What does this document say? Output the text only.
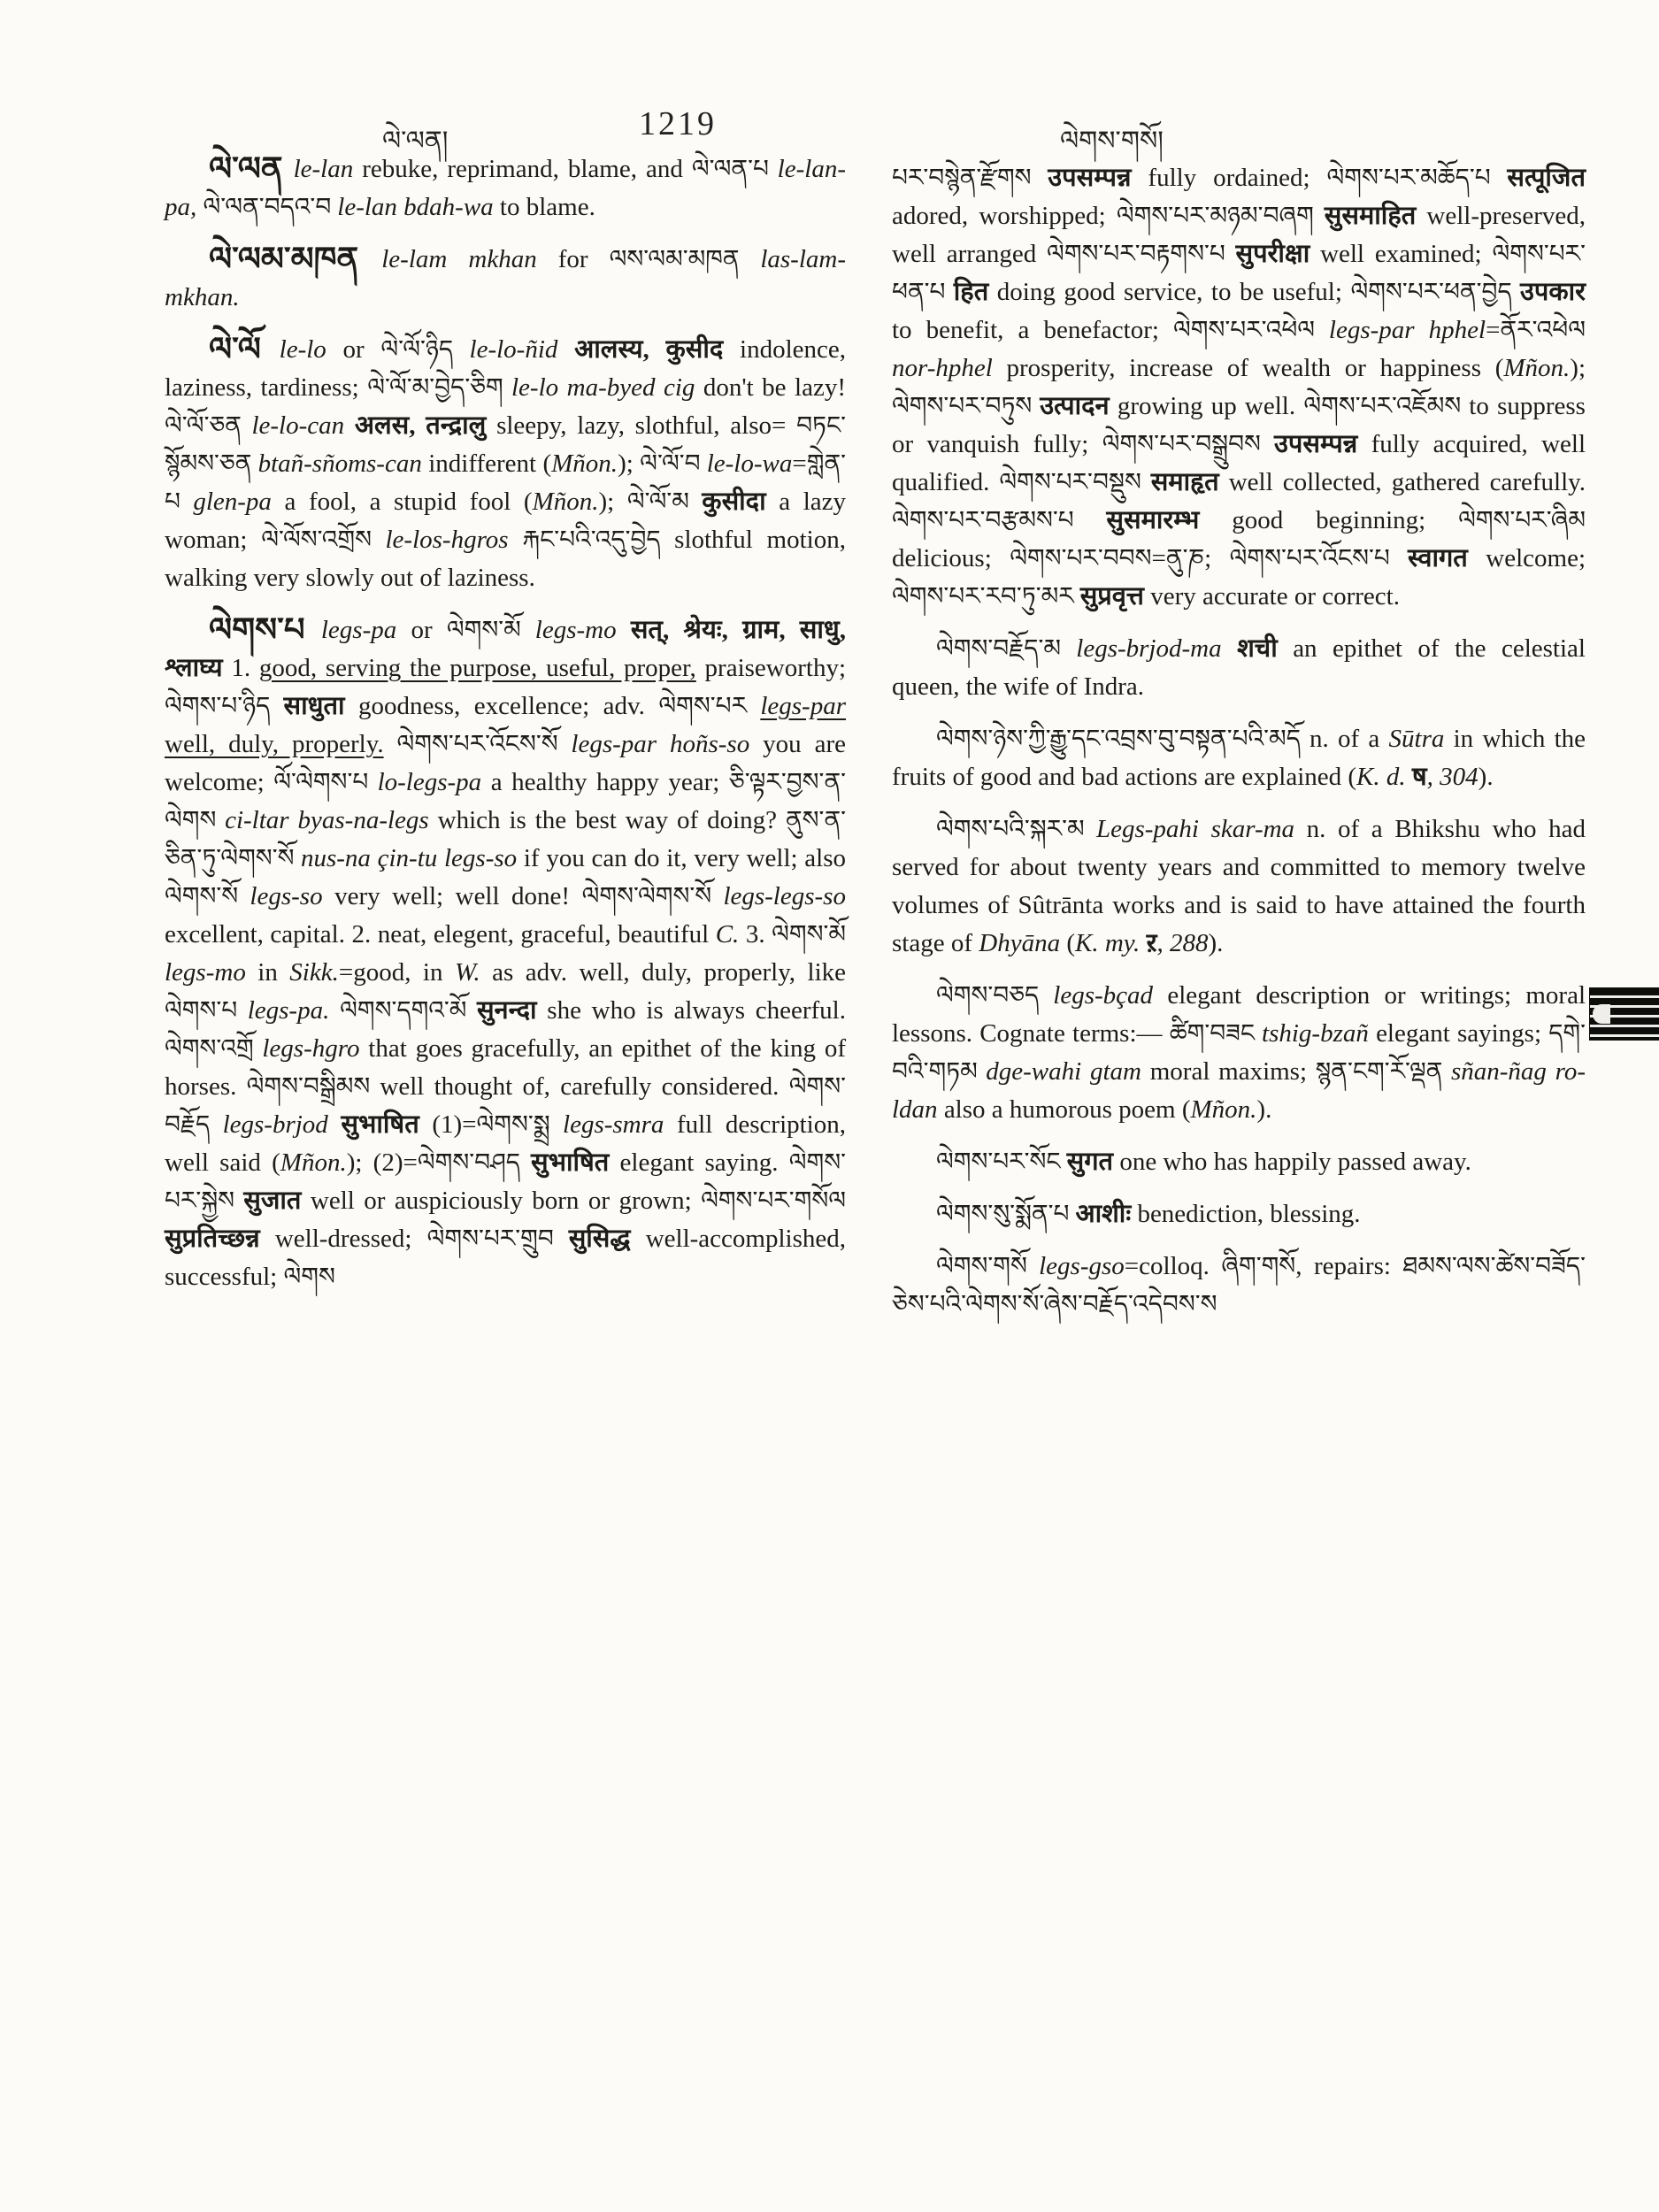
ལེ་ལན།	1219	ལེགས་གསོ།

ལེ་ལན le-lan rebuke, reprimand, blame, and ལེ་ལན་པ le-lan-pa, ལེ་ལན་བདའ་བ le-lan bdah-wa to blame.

ལེ་ལམ་མཁན le-lam mkhan for ལས་ལམ་མཁན las-lam-mkhan.

ལེ་ལོ le-lo or ལེ་ལོ་ཉིད le-lo-ñid आलस्य, कुसीद indolence, laziness, tardiness; ལེ་ལོ་མ་བྱེད་ཅིག le-lo ma-byed cig don't be lazy! ལེ་ལོ་ཅན le-lo-can अलस, तन्द्रालु sleepy, lazy, slothful, also= བཏང་སྙོམས་ཅན btañ-sñoms-can indifferent (Mñon.); ལེ་ལོ་བ le-lo-wa=གླེན་པ glen-pa a fool, a stupid fool (Mñon.); ལེ་ལོ་མ कुसीदा a lazy woman; ལེ་ལོས་འགྲོས le-los-hgros རྐང་པའི་འདུ་བྱེད slothful motion, walking very slowly out of laziness.

ལེགས་པ legs-pa or ལེགས་མོ legs-mo सत्, श्रेयः, ग्राम, साधु, श्लाघ्य 1. good, serving the purpose, useful, proper, praiseworthy; ལེགས་པ་ཉིད साधुता goodness, excellence; adv. ལེགས་པར legs-par well, duly, properly. ལེགས་པར་འོངས་སོ legs-par hoñs-so you are welcome; ལོ་ལེགས་པ lo-legs-pa a healthy happy year; ཅི་ལྟར་བྱས་ན་ལེགས ci-ltar byas-na-legs which is the best way of doing? ནུས་ན་ཅིན་ཏུ་ལེགས་སོ nus-na çin-tu legs-so if you can do it, very well; also ལེགས་སོ legs-so very well; well done! ལེགས་ལེགས་སོ legs-legs-so excellent, capital. 2. neat, elegent, graceful, beautiful C. 3. ལེགས་མོ legs-mo in Sikk.=good, in W. as adv. well, duly, properly, like ལེགས་པ legs-pa. ལེགས་དགའ་མོ सुनन्दा she who is always cheerful. ལེགས་འགྲོ legs-hgro that goes gracefully, an epithet of the king of horses. ལེགས་བསྒྲིམས well thought of, carefully considered. ལེགས་བརྗོད legs-brjod सुभाषित (1)=ལེགས་སྨྲ legs-smra full description, well said (Mñon.); (2)=ལེགས་བཤད सुभाषित elegant saying. ལེགས་པར་སྐྱེས सुजात well or auspiciously born or grown; ལེགས་པར་གསོལ सुप्रतिच्छन्न well-dressed; ལེགས་པར་གྲུབ सुसिद्ध well-accomplished, successful; ལེགས

པར་བསྙེན་རྫོགས उपसम्पन्न fully ordained; ལེགས་པར་མཆོད་པ सत्पूजित adored, worshipped; ལེགས་པར་མཉམ་བཞག सुसमाहित well-preserved, well arranged ལེགས་པར་བརྟགས་པ सुपरीक्षा well examined; ལེགས་པར་ཕན་པ हित doing good service, to be useful; ལེགས་པར་ཕན་བྱེད उपकार to benefit, a benefactor; ལེགས་པར་འཕེལ legs-par hphel=ནོར་འཕེལ nor-hphel prosperity, increase of wealth or happiness (Mñon.); ལེགས་པར་བཏུས उत्पादन growing up well. ལེགས་པར་འཇོམས to suppress or vanquish fully; ལེགས་པར་བསྒྲུབས उपसम्पन्न fully acquired, well qualified. ལེགས་པར་བསྡུས समाहृत well collected, gathered carefully. ལེགས་པར་བརྩམས་པ सुसमारम्भ good beginning; ལེགས་པར་ཞིམ delicious; ལེགས་པར་བབས=ནུ་ཎ; ལེགས་པར་འོངས་པ स्वागत welcome; ལེགས་པར་རབ་ཏུ་མར सुप्रवृत्त very accurate or correct.

ལེགས་བརྗོད་མ legs-brjod-ma शची an epithet of the celestial queen, the wife of Indra.

ལེགས་ཉེས་ཀྱི་རྒྱུ་དང་འབྲས་བུ་བསྟན་པའི་མདོ n. of a Sūtra in which the fruits of good and bad actions are explained (K. d. ष, 304).

ལེགས་པའི་སྐར་མ Legs-pahi skar-ma n. of a Bhikshu who had served for about twenty years and committed to memory twelve volumes of Sûtrānta works and is said to have attained the fourth stage of Dhyāna (K. my. ऱ, 288).

ལེགས་བཅད legs-bçad elegant description or writings; moral lessons. Cognate terms:— ཚིག་བཟང tshig-bzañ elegant sayings; དགེ་བའི་གཏམ dge-wahi gtam moral maxims; སྙན་ངག་རོ་ལྡན sñan-ñag ro-ldan also a humorous poem (Mñon.).

ལེགས་པར་སོང सुगत one who has happily passed away.

ལེགས་སུ་སྨོན་པ आशीः benediction, blessing.

ལེགས་གསོ legs-gso=colloq. ཞིག་གསོ, repairs: ཐམས་ལས་ཚེས་བཟོད་ཅེས་པའི་ལེགས་སོ་ཞེས་བརྗོད་འདེབས་ས
